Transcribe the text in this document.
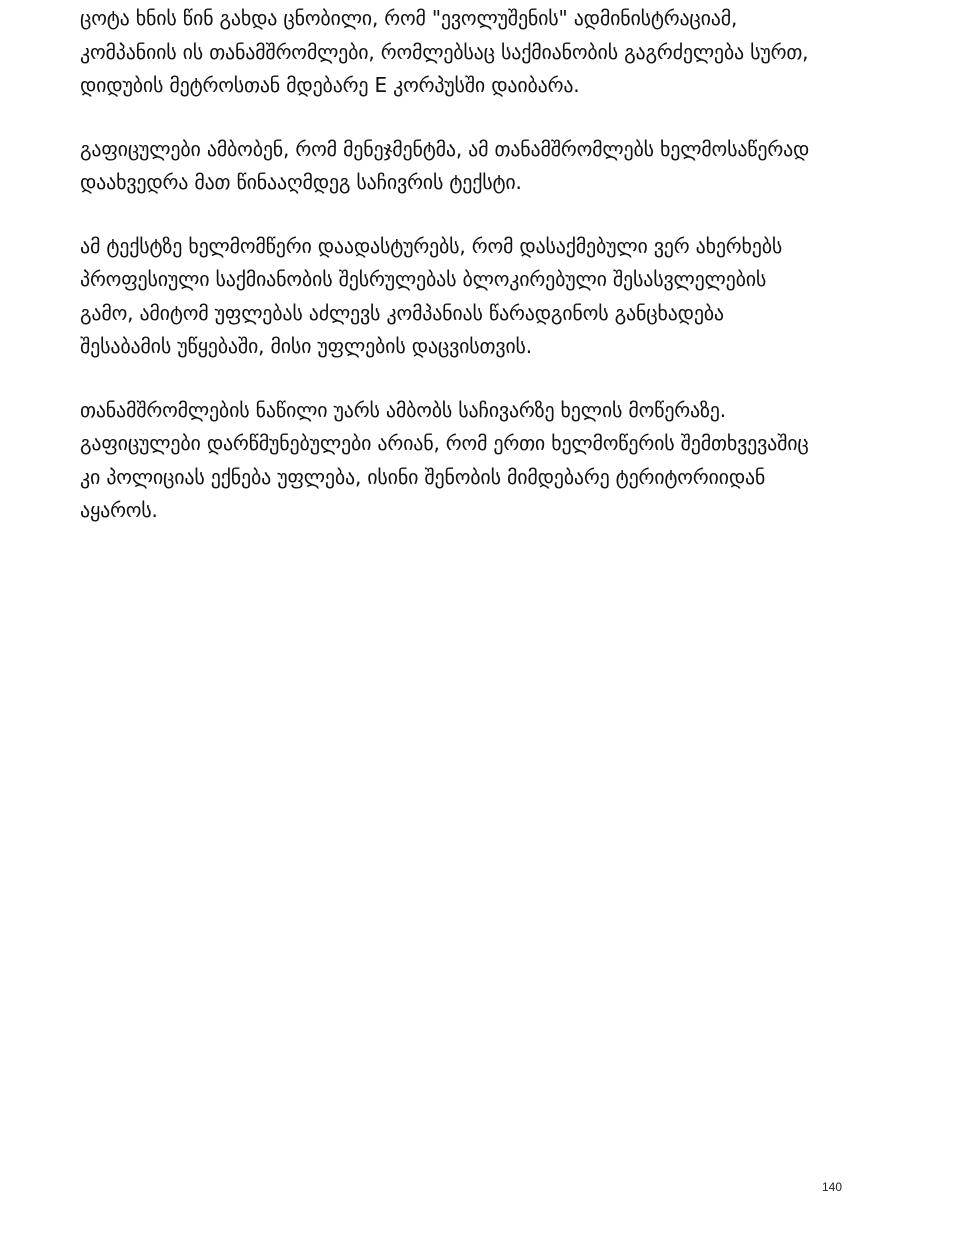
ცოტა ხნის წინ გახდა ცნობილი, რომ "ევოლუშენის" ადმინისტრაციამ,
კომპანიის ის თანამშრომლები, რომლებსაც საქმიანობის გაგრძელება სურთ,
დიდუბის მეტროსთან მდებარე E კორპუსში დაიბარა.

გაფიცულები ამბობენ, რომ მენეჯმენტმა, ამ თანამშრომლებს ხელმოსაწერად
დაახვედრა მათ წინააღმდეგ საჩივრის ტექსტი.

ამ ტექსტზე ხელმომწერი დაადასტურებს, რომ დასაქმებული ვერ ახერხებს
პროფესიული საქმიანობის შესრულებას ბლოკირებული შესასვლელების
გამო, ამიტომ უფლებას აძლევს კომპანიას წარადგინოს განცხადება
შესაბამის უწყებაში, მისი უფლების დაცვისთვის.

თანამშრომლების ნაწილი უარს ამბობს საჩივარზე ხელის მოწერაზე.
გაფიცულები დარწმუნებულები არიან, რომ ერთი ხელმოწერის შემთხვევაშიც
კი პოლიციას ექნება უფლება, ისინი შენობის მიმდებარე ტერიტორიიდან
აყაროს.

140
